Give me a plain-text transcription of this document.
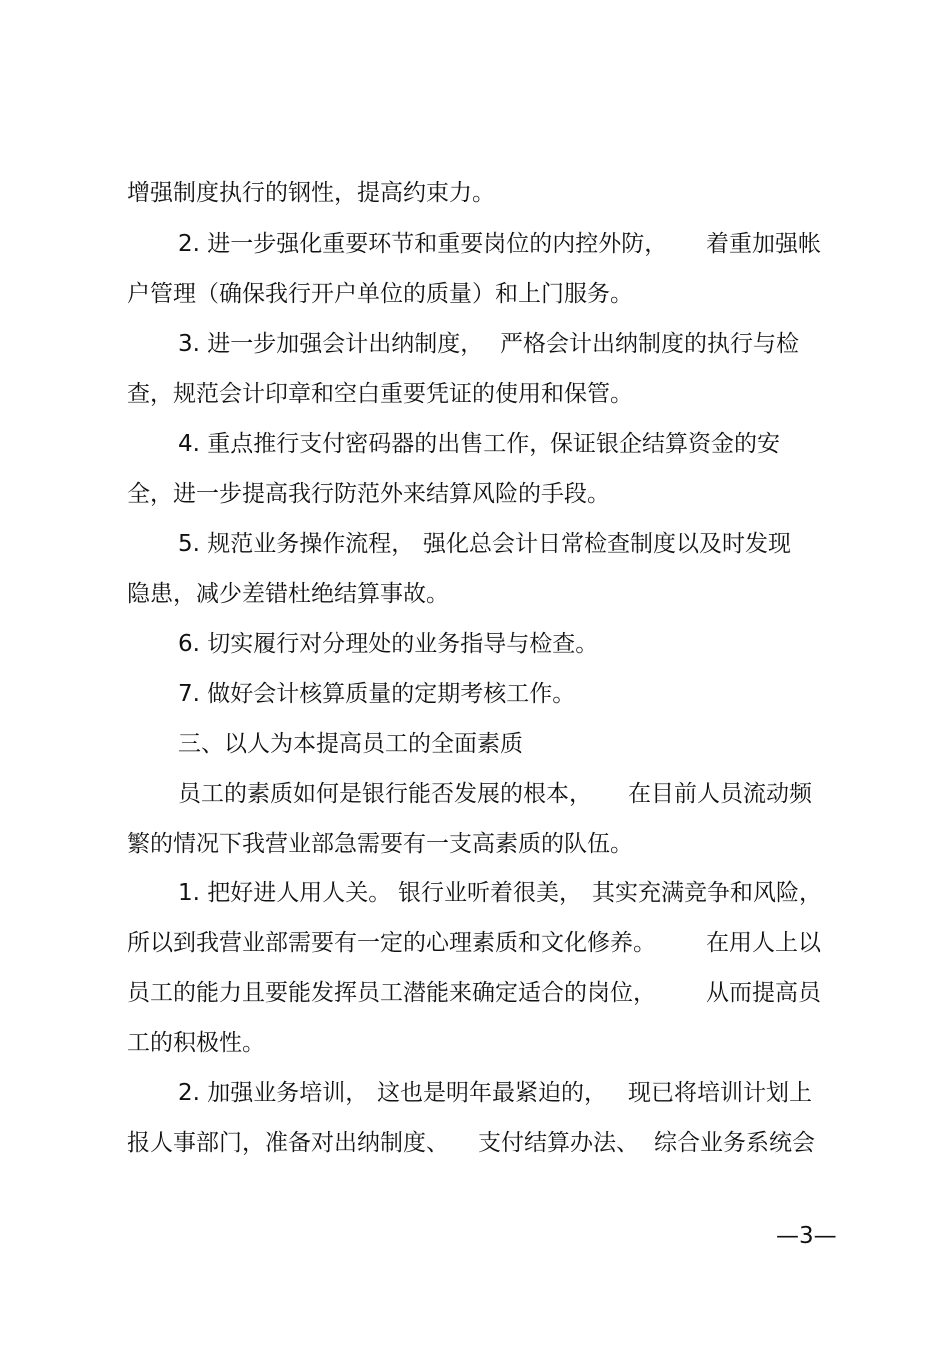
增强制度执行的钢性，提高约束力。

2. 进一步强化重要环节和重要岗位的内控外防，

着重加强帐

户管理（确保我行开户单位的质量）和上门服务。

3. 进一步加强会计出纳制度，

严格会计出纳制度的执行与检

查，规范会计印章和空白重要凭证的使用和保管。

4. 重点推行支付密码器的出售工作，

保证银企结算资金的安

全，进一步提高我行防范外来结算风险的手段。

5. 规范业务操作流程，

强化总会计日常检查制度以及时发现

隐患，减少差错杜绝结算事故。

6. 切实履行对分理处的业务指导与检查。

7. 做好会计核算质量的定期考核工作。

三、以人为本提高员工的全面素质

员工的素质如何是银行能否发展的根本，

在目前人员流动频

繁的情况下我营业部急需要有一支高素质的队伍。

1. 把好进人用人关。

银行业听着很美，

其实充满竞争和风险，

所以到我营业部需要有一定的心理素质和文化修养。

在用人上以

员工的能力且要能发挥员工潜能来确定适合的岗位，

从而提高员

工的积极性。

2. 加强业务培训，

这也是明年最紧迫的，

现已将培训计划上

报人事部门，准备对出纳制度、

支付结算办法、

综合业务系统会

—3—
